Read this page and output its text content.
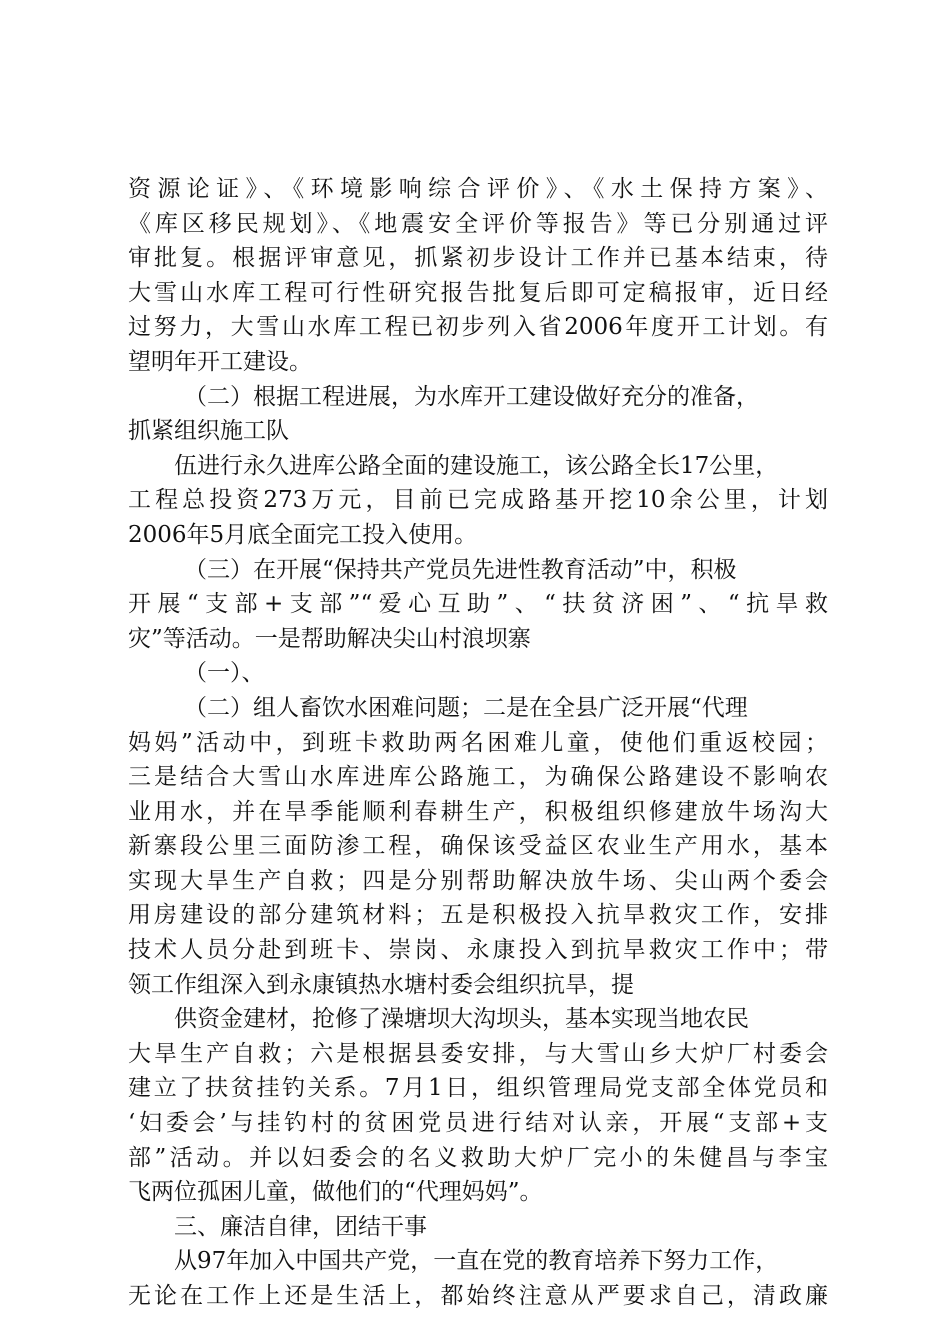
资源论证》、《环境影响综合评价》、《水土保持方案》、
《库区移民规划》、《地震安全评价等报告》等已分别通过评
审批复。根据评审意见，抓紧初步设计工作并已基本结束，待
大雪山水库工程可行性研究报告批复后即可定稿报审，近日经
过努力，大雪山水库工程已初步列入省2006年度开工计划。有
望明年开工建设。
（二）根据工程进展，为水库开工建设做好充分的准备，
抓紧组织施工队
伍进行永久进库公路全面的建设施工，该公路全长17公里，
工程总投资273万元，目前已完成路基开挖10余公里，计划
2006年5月底全面完工投入使用。
（三）在开展“保持共产党员先进性教育活动”中，积极
开展“支部+支部”“爱心互助”、“扶贫济困”、“抗旱救
灾”等活动。一是帮助解决尖山村浪坝寨
（一）、
（二）组人畜饮水困难问题；二是在全县广泛开展“代理
妈妈”活动中，到班卡救助两名困难儿童，使他们重返校园；
三是结合大雪山水库进库公路施工，为确保公路建设不影响农
业用水，并在旱季能顺利春耕生产，积极组织修建放牛场沟大
新寨段公里三面防渗工程，确保该受益区农业生产用水，基本
实现大旱生产自救；四是分别帮助解决放牛场、尖山两个委会
用房建设的部分建筑材料；五是积极投入抗旱救灾工作，安排
技术人员分赴到班卡、崇岗、永康投入到抗旱救灾工作中；带
领工作组深入到永康镇热水塘村委会组织抗旱，提
供资金建材，抢修了澡塘坝大沟坝头，基本实现当地农民
大旱生产自救；六是根据县委安排，与大雪山乡大炉厂村委会
建立了扶贫挂钓关系。7月1日，组织管理局党支部全体党员和
‘妇委会’与挂钓村的贫困党员进行结对认亲，开展“支部+支
部”活动。并以妇委会的名义救助大炉厂完小的朱健昌与李宝
飞两位孤困儿童，做他们的“代理妈妈”。
三、廉洁自律，团结干事
从97年加入中国共产党，一直在党的教育培养下努力工作，
无论在工作上还是生活上，都始终注意从严要求自己，清政廉
